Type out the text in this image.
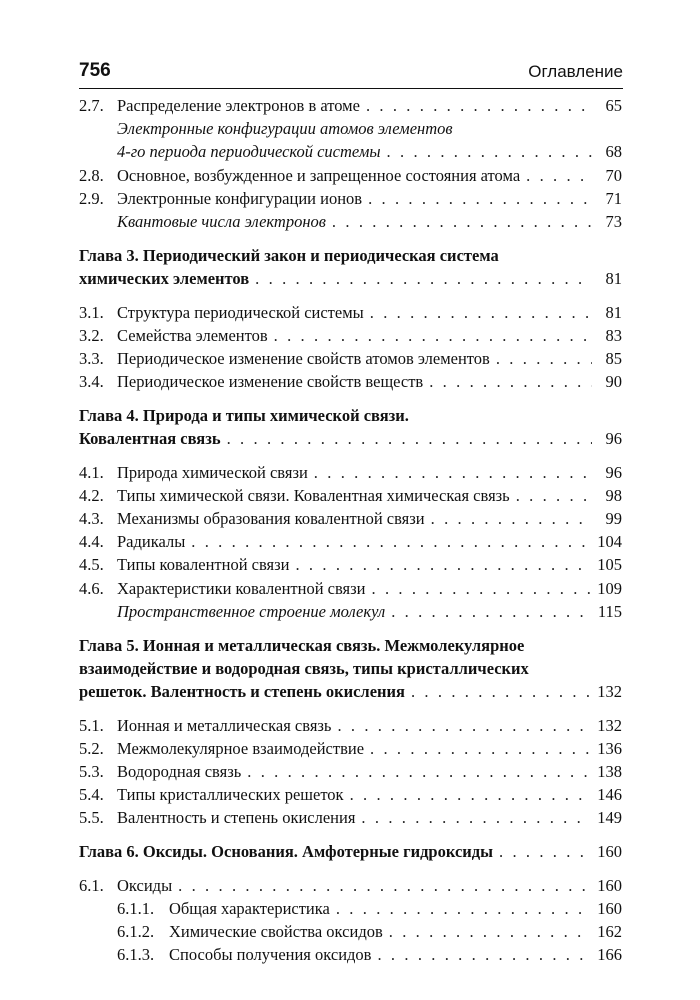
756	Оглавление
2.7. Распределение электронов в атоме . . .	65
Электронные конфигурации атомов элементов
4-го периода периодической системы . . .	68
2.8. Основное, возбужденное и запрещенное состояния атома . . .	70
2.9. Электронные конфигурации ионов . . .	71
Квантовые числа электронов . . .	73
Глава 3. Периодический закон и периодическая система
химических элементов . . .	81
3.1. Структура периодической системы . . .	81
3.2. Семейства элементов . . .	83
3.3. Периодическое изменение свойств атомов элементов . . .	85
3.4. Периодическое изменение свойств веществ . . .	90
Глава 4. Природа и типы химической связи.
Ковалентная связь . . .	96
4.1. Природа химической связи . . .	96
4.2. Типы химической связи. Ковалентная химическая связь . . .	98
4.3. Механизмы образования ковалентной связи . . .	99
4.4. Радикалы . . .	104
4.5. Типы ковалентной связи . . .	105
4.6. Характеристики ковалентной связи . . .	109
Пространственное строение молекул . . .	115
Глава 5. Ионная и металлическая связь. Межмолекулярное
взаимодействие и водородная связь, типы кристаллических
решеток. Валентность и степень окисления . . .	132
5.1. Ионная и металлическая связь . . .	132
5.2. Межмолекулярное взаимодействие . . .	136
5.3. Водородная связь . . .	138
5.4. Типы кристаллических решеток . . .	146
5.5. Валентность и степень окисления . . .	149
Глава 6. Оксиды. Основания. Амфотерные гидроксиды . . .	160
6.1. Оксиды . . .	160
6.1.1. Общая характеристика . . .	160
6.1.2. Химические свойства оксидов . . .	162
6.1.3. Способы получения оксидов . . .	166
